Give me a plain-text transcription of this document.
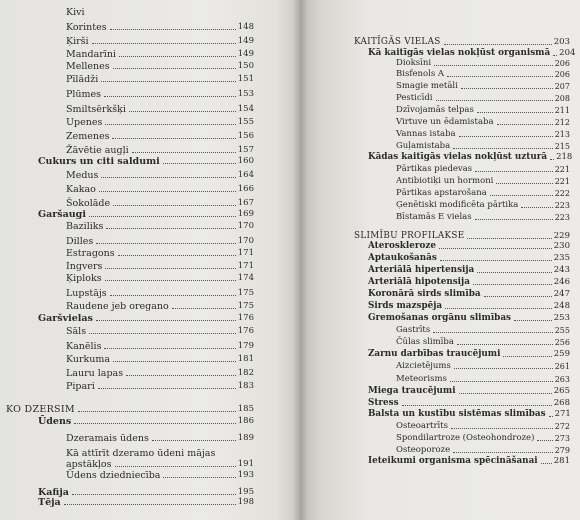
Kivi
Korintes	148
Ķirši	149
Mandarīni	149
Mellenes	150
Pīlādži	151
Plūmes	153
Smiltsērkšķi	154
Upenes	155
Zemenes	156
Žāvētie augļi	157
Cukurs un citi saldumi	160
Medus	164
Kakao	166
Šokolāde	167
Garšaugi	169
Baziliks	170
Dilles	170
Estragons	171
Ingvers	171
Ķiploks	174
Lupstājs	175
Raudene jeb oregano	175
Garšvielas	176
Sāls	176
Kanēlis	179
Kurkuma	181
Lauru lapas	182
Pipari	183
KO DZERSIM	185
Ūdens	186
Dzeramais ūdens	189
Kā attīrīt dzeramo ūdeni mājas
apstākļos	191
Ūdens dziedniecība	193
Kafija	195
Tēja	198
KAITĪGĀS VIELAS	203
Kā kaitīgās vielas nokļūst organismā 204
Dioksīni	206
Bisfenols A	206
Smagie metāli	207
Pesticīdi	208
Dzīvojamās telpas	211
Virtuve un ēdamistaba	212
Vannas istaba	213
Guļamistaba	215
Kādas kaitīgās vielas nokļūst uzturā 218
Pārtikas piedevas	221
Antibiotiķi un hormoni	221
Pārtikas apstarošana	222
Ģenētiski modificēta pārtika	223
Bīstamās E vielas	223
SLIMĪBU PROFILAKSE	229
Ateroskleroze	230
Aptaukošanās	235
Arteriālā hipertensija	243
Arteriālā hipotensija	246
Koronārā sirds slimība	247
Sirds mazspēja	248
Gremošanas orgānu slimības	253
Gastrīts	255
Čūlas slimība	256
Zarnu darbības traucējumi	259
Aizcietējums	261
Meteorisms	263
Miega traucējumi	265
Stress	268
Balsta un kustību sistēmas slimības 271
Osteoartrīts	272
Spondilartroze (Osteohondroze)	273
Osteoporoze	279
Ieteikumi organisma spēcināšanai 281
